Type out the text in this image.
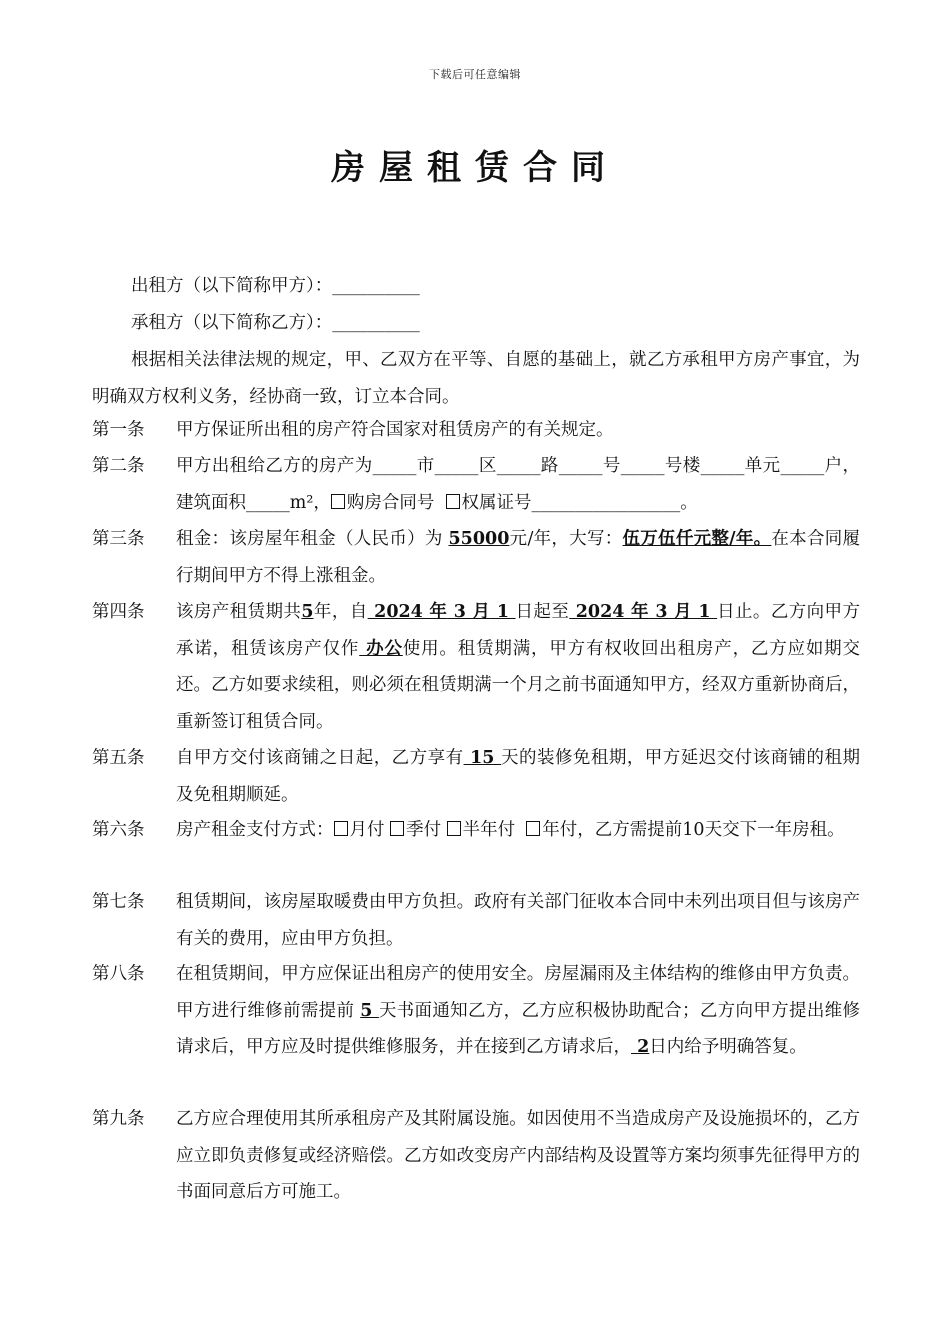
下载后可任意编辑
房屋租赁合同
出租方（以下简称甲方）：__________
承租方（以下简称乙方）：__________
根据相关法律法规的规定，甲、乙双方在平等、自愿的基础上，就乙方承租甲方房产事宜，为明确双方权利义务，经协商一致，订立本合同。
第一条	甲方保证所出租的房产符合国家对租赁房产的有关规定。
第二条	甲方出租给乙方的房产为_____市_____区_____路_____号_____号楼_____单元_____户，建筑面积_____m²， 购房合同号 权属证号_________________。
第三条	租金：该房屋年租金（人民币）为 55000元/年，大写：伍万伍仟元整/年。在本合同履行期间甲方不得上涨租金。
第四条	该房产租赁期共5年，自 2024 年 3 月 1 日起至 2024 年 3 月 1 日止。乙方向甲方承诺，租赁该房产仅作 办公使用。租赁期满，甲方有权收回出租房产，乙方应如期交还。乙方如要求续租，则必须在租赁期满一个月之前书面通知甲方，经双方重新协商后，重新签订租赁合同。
第五条	自甲方交付该商铺之日起，乙方享有 15 天的装修免租期，甲方延迟交付该商铺的租期及免租期顺延。
第六条	房产租金支付方式： 月付 季付 半年付 年付，乙方需提前10天交下一年房租。
第七条	租赁期间，该房屋取暖费由甲方负担。政府有关部门征收本合同中未列出项目但与该房产有关的费用，应由甲方负担。
第八条	在租赁期间，甲方应保证出租房产的使用安全。房屋漏雨及主体结构的维修由甲方负责。甲方进行维修前需提前 5 天书面通知乙方，乙方应积极协助配合；乙方向甲方提出维修请求后，甲方应及时提供维修服务，并在接到乙方请求后， 2日内给予明确答复。
第九条	乙方应合理使用其所承租房产及其附属设施。如因使用不当造成房产及设施损坏的，乙方应立即负责修复或经济赔偿。乙方如改变房产内部结构及设置等方案均须事先征得甲方的书面同意后方可施工。
